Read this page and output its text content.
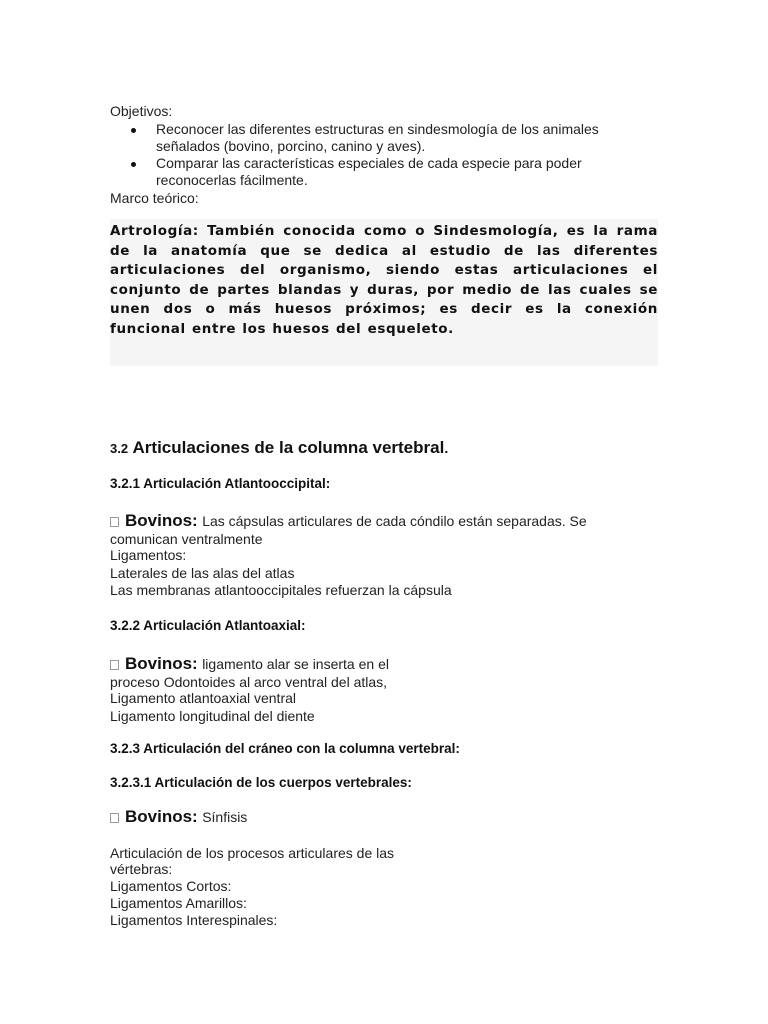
Objetivos:
Reconocer las diferentes estructuras en sindesmología de los animales
señalados (bovino, porcino, canino y aves).
Comparar las características especiales de cada especie para poder
reconocerlas fácilmente.
Marco teórico:
Artrología: También conocida como o Sindesmología, es la rama de la anatomía que se dedica al estudio de las diferentes articulaciones del organismo, siendo estas articulaciones el conjunto de partes blandas y duras, por medio de las cuales se unen dos o más huesos próximos; es decir es la conexión funcional entre los huesos del esqueleto.
3.2 Articulaciones de la columna vertebral.
3.2.1 Articulación Atlantooccipital:
Bovinos: Las cápsulas articulares de cada cóndilo están separadas. Se
comunican ventralmente
Ligamentos:
Laterales de las alas del atlas
Las membranas atlantooccipitales refuerzan la cápsula
3.2.2 Articulación Atlantoaxial:
Bovinos: ligamento alar se inserta en el
proceso Odontoides al arco ventral del atlas,
Ligamento atlantoaxial ventral
Ligamento longitudinal del diente
3.2.3 Articulación del cráneo con la columna vertebral:
3.2.3.1 Articulación de los cuerpos vertebrales:
Bovinos: Sínfisis
Articulación de los procesos articulares de las
vértebras:
Ligamentos Cortos:
Ligamentos Amarillos:
Ligamentos Interespinales:
